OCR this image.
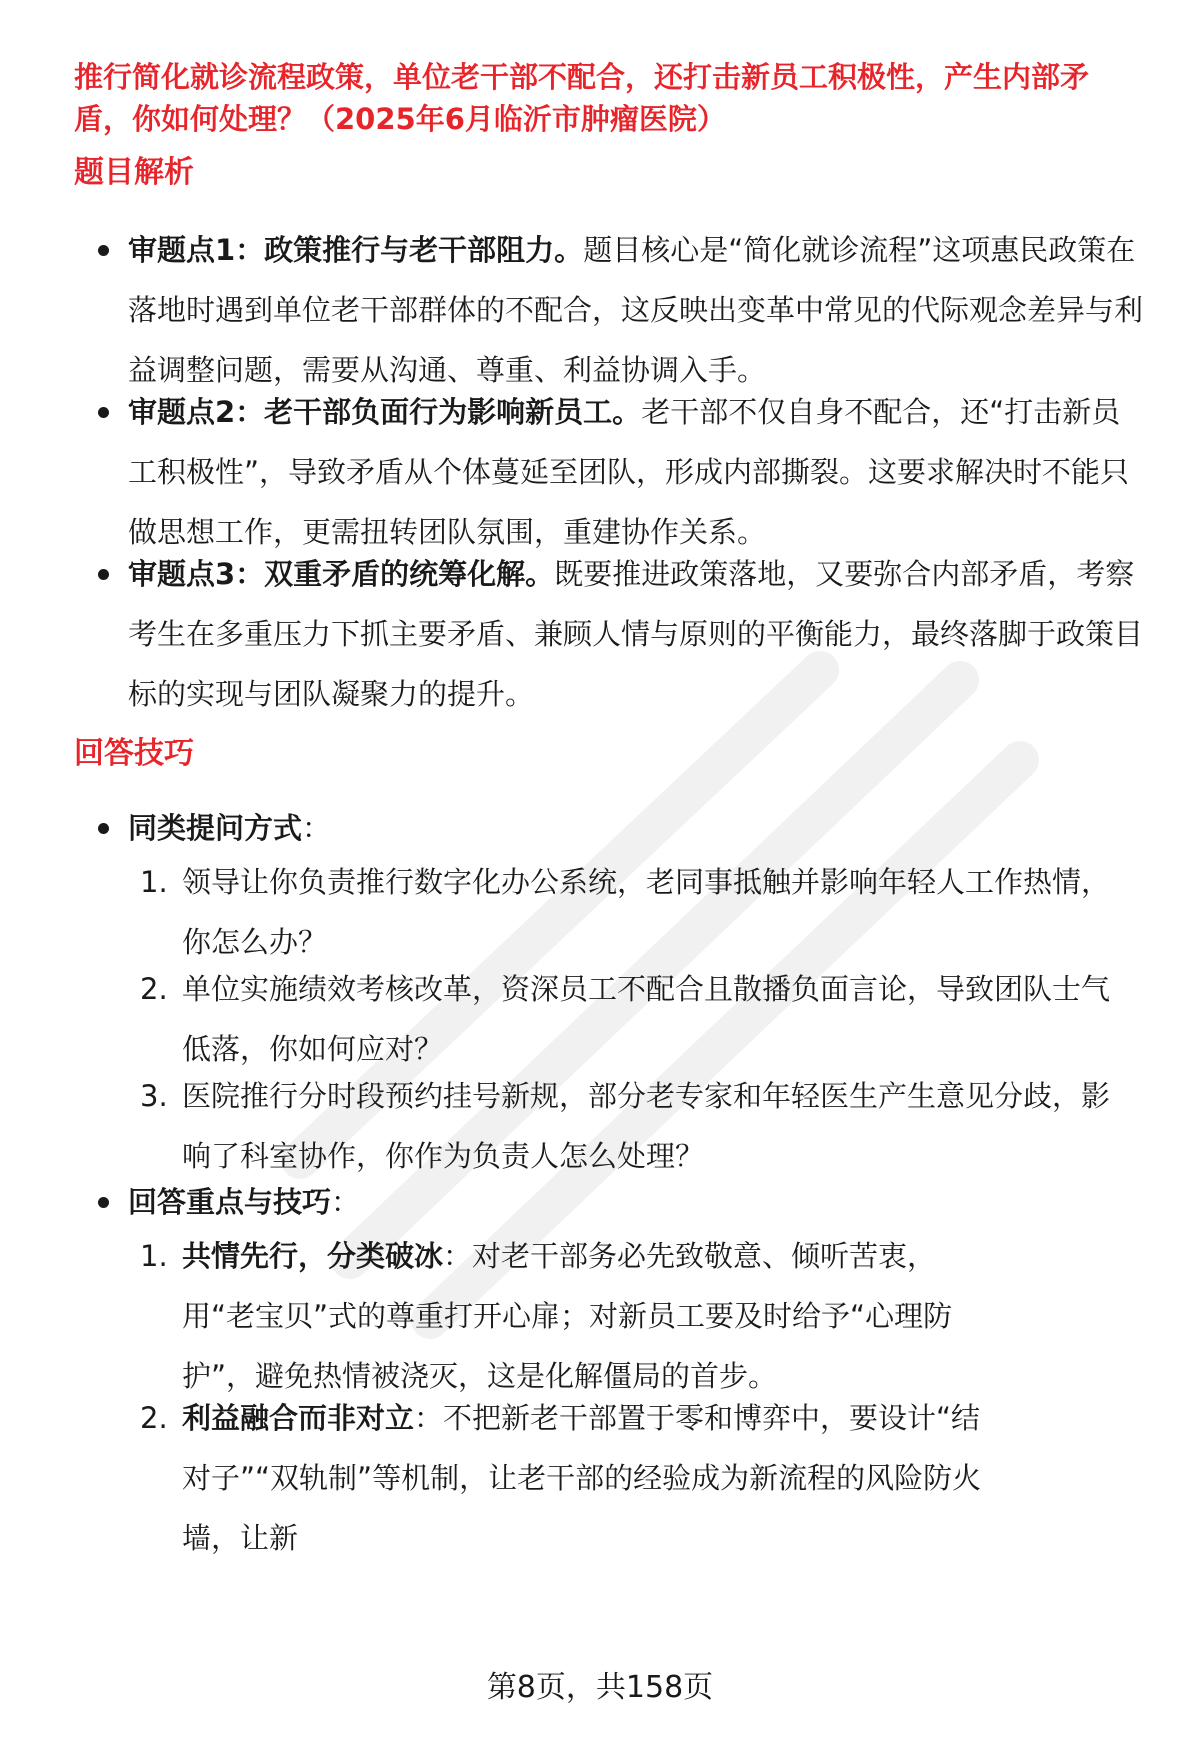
推行简化就诊流程政策，单位老干部不配合，还打击新员工积极性，产生内部矛盾，你如何处理？（2025年6月临沂市肿瘤医院）
题目解析
审题点1：政策推行与老干部阻力。题目核心是“简化就诊流程”这项惠民政策在落地时遇到单位老干部群体的不配合，这反映出变革中常见的代际观念差异与利益调整问题，需要从沟通、尊重、利益协调入手。
审题点2：老干部负面行为影响新员工。老干部不仅自身不配合，还“打击新员工积极性”，导致矛盾从个体蔓延至团队，形成内部撕裂。这要求解决时不能只做思想工作，更需扭转团队氛围，重建协作关系。
审题点3：双重矛盾的统筹化解。既要推进政策落地，又要弥合内部矛盾，考察考生在多重压力下抓主要矛盾、兼顾人情与原则的平衡能力，最终落脚于政策目标的实现与团队凝聚力的提升。
回答技巧
同类提问方式：
1. 领导让你负责推行数字化办公系统，老同事抵触并影响年轻人工作热情，你怎么办？
2. 单位实施绩效考核改革，资深员工不配合且散播负面言论，导致团队士气低落，你如何应对？
3. 医院推行分时段预约挂号新规，部分老专家和年轻医生产生意见分歧，影响了科室协作，你作为负责人怎么处理？
回答重点与技巧：
1. 共情先行，分类破冰：对老干部务必先致敬意、倾听苦衷，用“老宝贝”式的尊重打开心扉；对新员工要及时给予“心理防护”，避免热情被浇灭，这是化解僵局的首步。
2. 利益融合而非对立：不把新老干部置于零和博弈中，要设计“结对子”“双轨制”等机制，让老干部的经验成为新流程的风险防火墙，让新
第8页，共158页
